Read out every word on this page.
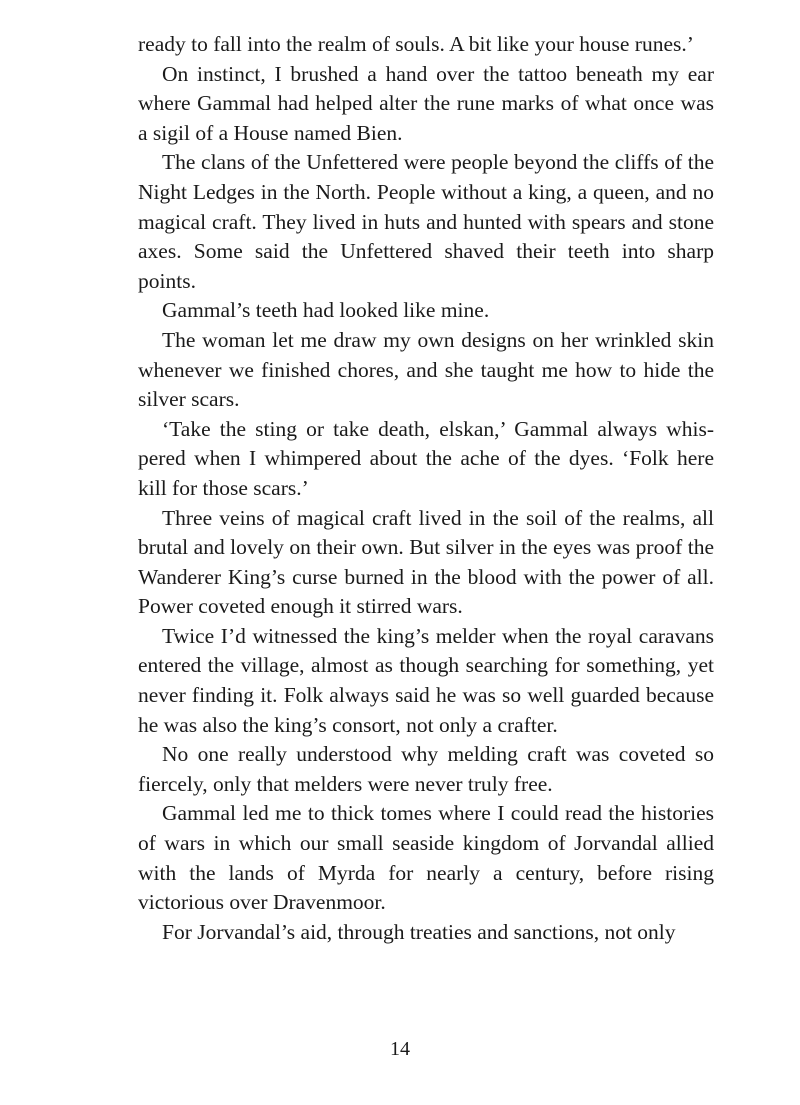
ready to fall into the realm of souls. A bit like your house runes.’

On instinct, I brushed a hand over the tattoo beneath my ear where Gammal had helped alter the rune marks of what once was a sigil of a House named Bien.

The clans of the Unfettered were people beyond the cliffs of the Night Ledges in the North. People without a king, a queen, and no magical craft. They lived in huts and hunted with spears and stone axes. Some said the Unfettered shaved their teeth into sharp points.

Gammal’s teeth had looked like mine.

The woman let me draw my own designs on her wrinkled skin whenever we finished chores, and she taught me how to hide the silver scars.

‘Take the sting or take death, elskan,’ Gammal always whispered when I whimpered about the ache of the dyes. ‘Folk here kill for those scars.’

Three veins of magical craft lived in the soil of the realms, all brutal and lovely on their own. But silver in the eyes was proof the Wanderer King’s curse burned in the blood with the power of all. Power coveted enough it stirred wars.

Twice I’d witnessed the king’s melder when the royal caravans entered the village, almost as though searching for something, yet never finding it. Folk always said he was so well guarded because he was also the king’s consort, not only a crafter.

No one really understood why melding craft was coveted so fiercely, only that melders were never truly free.

Gammal led me to thick tomes where I could read the histories of wars in which our small seaside kingdom of Jorvandal allied with the lands of Myrda for nearly a century, before rising victorious over Dravenmoor.

For Jorvandal’s aid, through treaties and sanctions, not only

14
